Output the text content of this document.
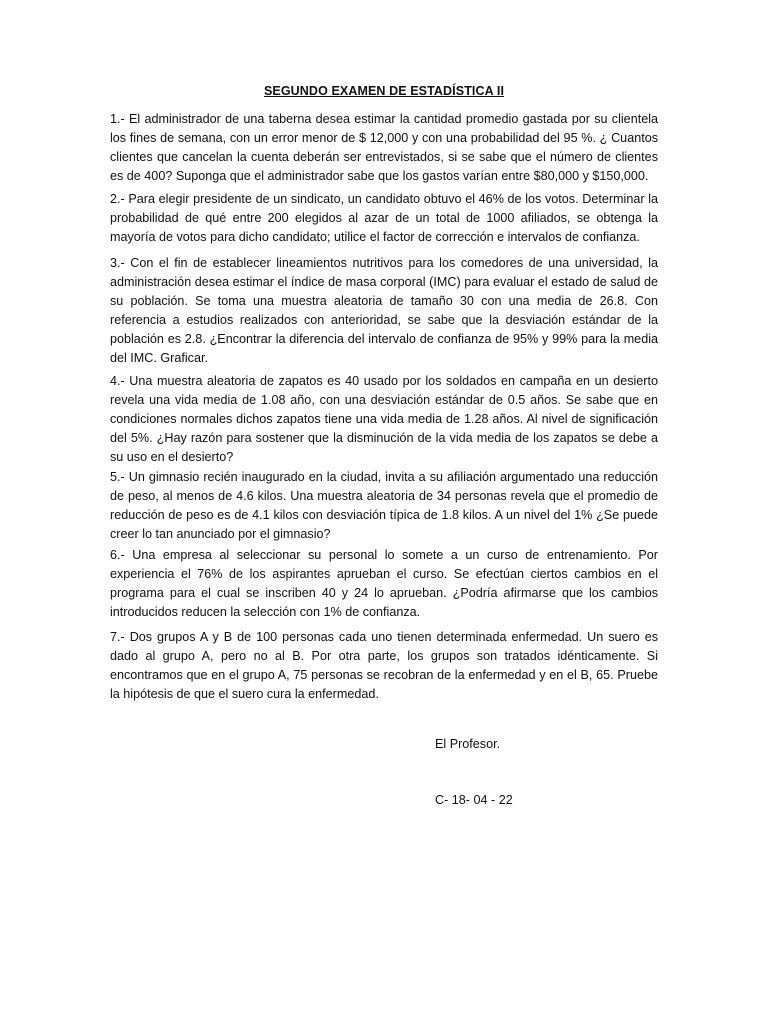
SEGUNDO EXAMEN DE ESTADÍSTICA II

1.- El administrador de una taberna desea estimar la cantidad promedio gastada por su clientela los fines de semana, con un error menor de $ 12,000 y con una probabilidad del 95 %. ¿ Cuantos clientes que cancelan la cuenta deberán ser entrevistados, si se sabe que el número de clientes es de 400? Suponga que el administrador sabe que los gastos varían entre $80,000 y $150,000.

2.- Para elegir presidente de un sindicato, un candidato obtuvo el 46% de los votos. Determinar la probabilidad de qué entre 200 elegidos al azar de un total de 1000 afiliados, se obtenga la mayoría de votos para dicho candidato; utilice el factor de corrección e intervalos de confianza.

3.- Con el fin de establecer lineamientos nutritivos para los comedores de una universidad, la administración desea estimar el índice de masa corporal (IMC) para evaluar el estado de salud de su población. Se toma una muestra aleatoria de tamaño 30 con una media de 26.8. Con referencia a estudios realizados con anterioridad, se sabe que la desviación estándar de la población es 2.8. ¿Encontrar la diferencia del intervalo de confianza de 95% y 99% para la media del IMC. Graficar.

4.- Una muestra aleatoria de zapatos es 40 usado por los soldados en campaña en un desierto revela una vida media de 1.08 año, con una desviación estándar de 0.5 años. Se sabe que en condiciones normales dichos zapatos tiene una vida media de 1.28 años. Al nivel de significación del 5%. ¿Hay razón para sostener que la disminución de la vida media de los zapatos se debe a su uso en el desierto?

5.- Un gimnasio recién inaugurado en la ciudad, invita a su afiliación argumentado una reducción de peso, al menos de 4.6 kilos. Una muestra aleatoria de 34 personas revela que el promedio de reducción de peso es de 4.1 kilos con desviación típica de 1.8 kilos. A un nivel del 1% ¿Se puede creer lo tan anunciado por el gimnasio?

6.- Una empresa al seleccionar su personal lo somete a un curso de entrenamiento. Por experiencia el 76% de los aspirantes aprueban el curso. Se efectúan ciertos cambios en el programa para el cual se inscriben 40 y 24 lo aprueban. ¿Podría afirmarse que los cambios introducidos reducen la selección con 1% de confianza.

7.- Dos grupos A y B de 100 personas cada uno tienen determinada enfermedad. Un suero es dado al grupo A, pero no al B. Por otra parte, los grupos son tratados idénticamente. Si encontramos que en el grupo A, 75 personas se recobran de la enfermedad y en el B, 65. Pruebe la hipótesis de que el suero cura la enfermedad.

El Profesor.
C- 18- 04 - 22
